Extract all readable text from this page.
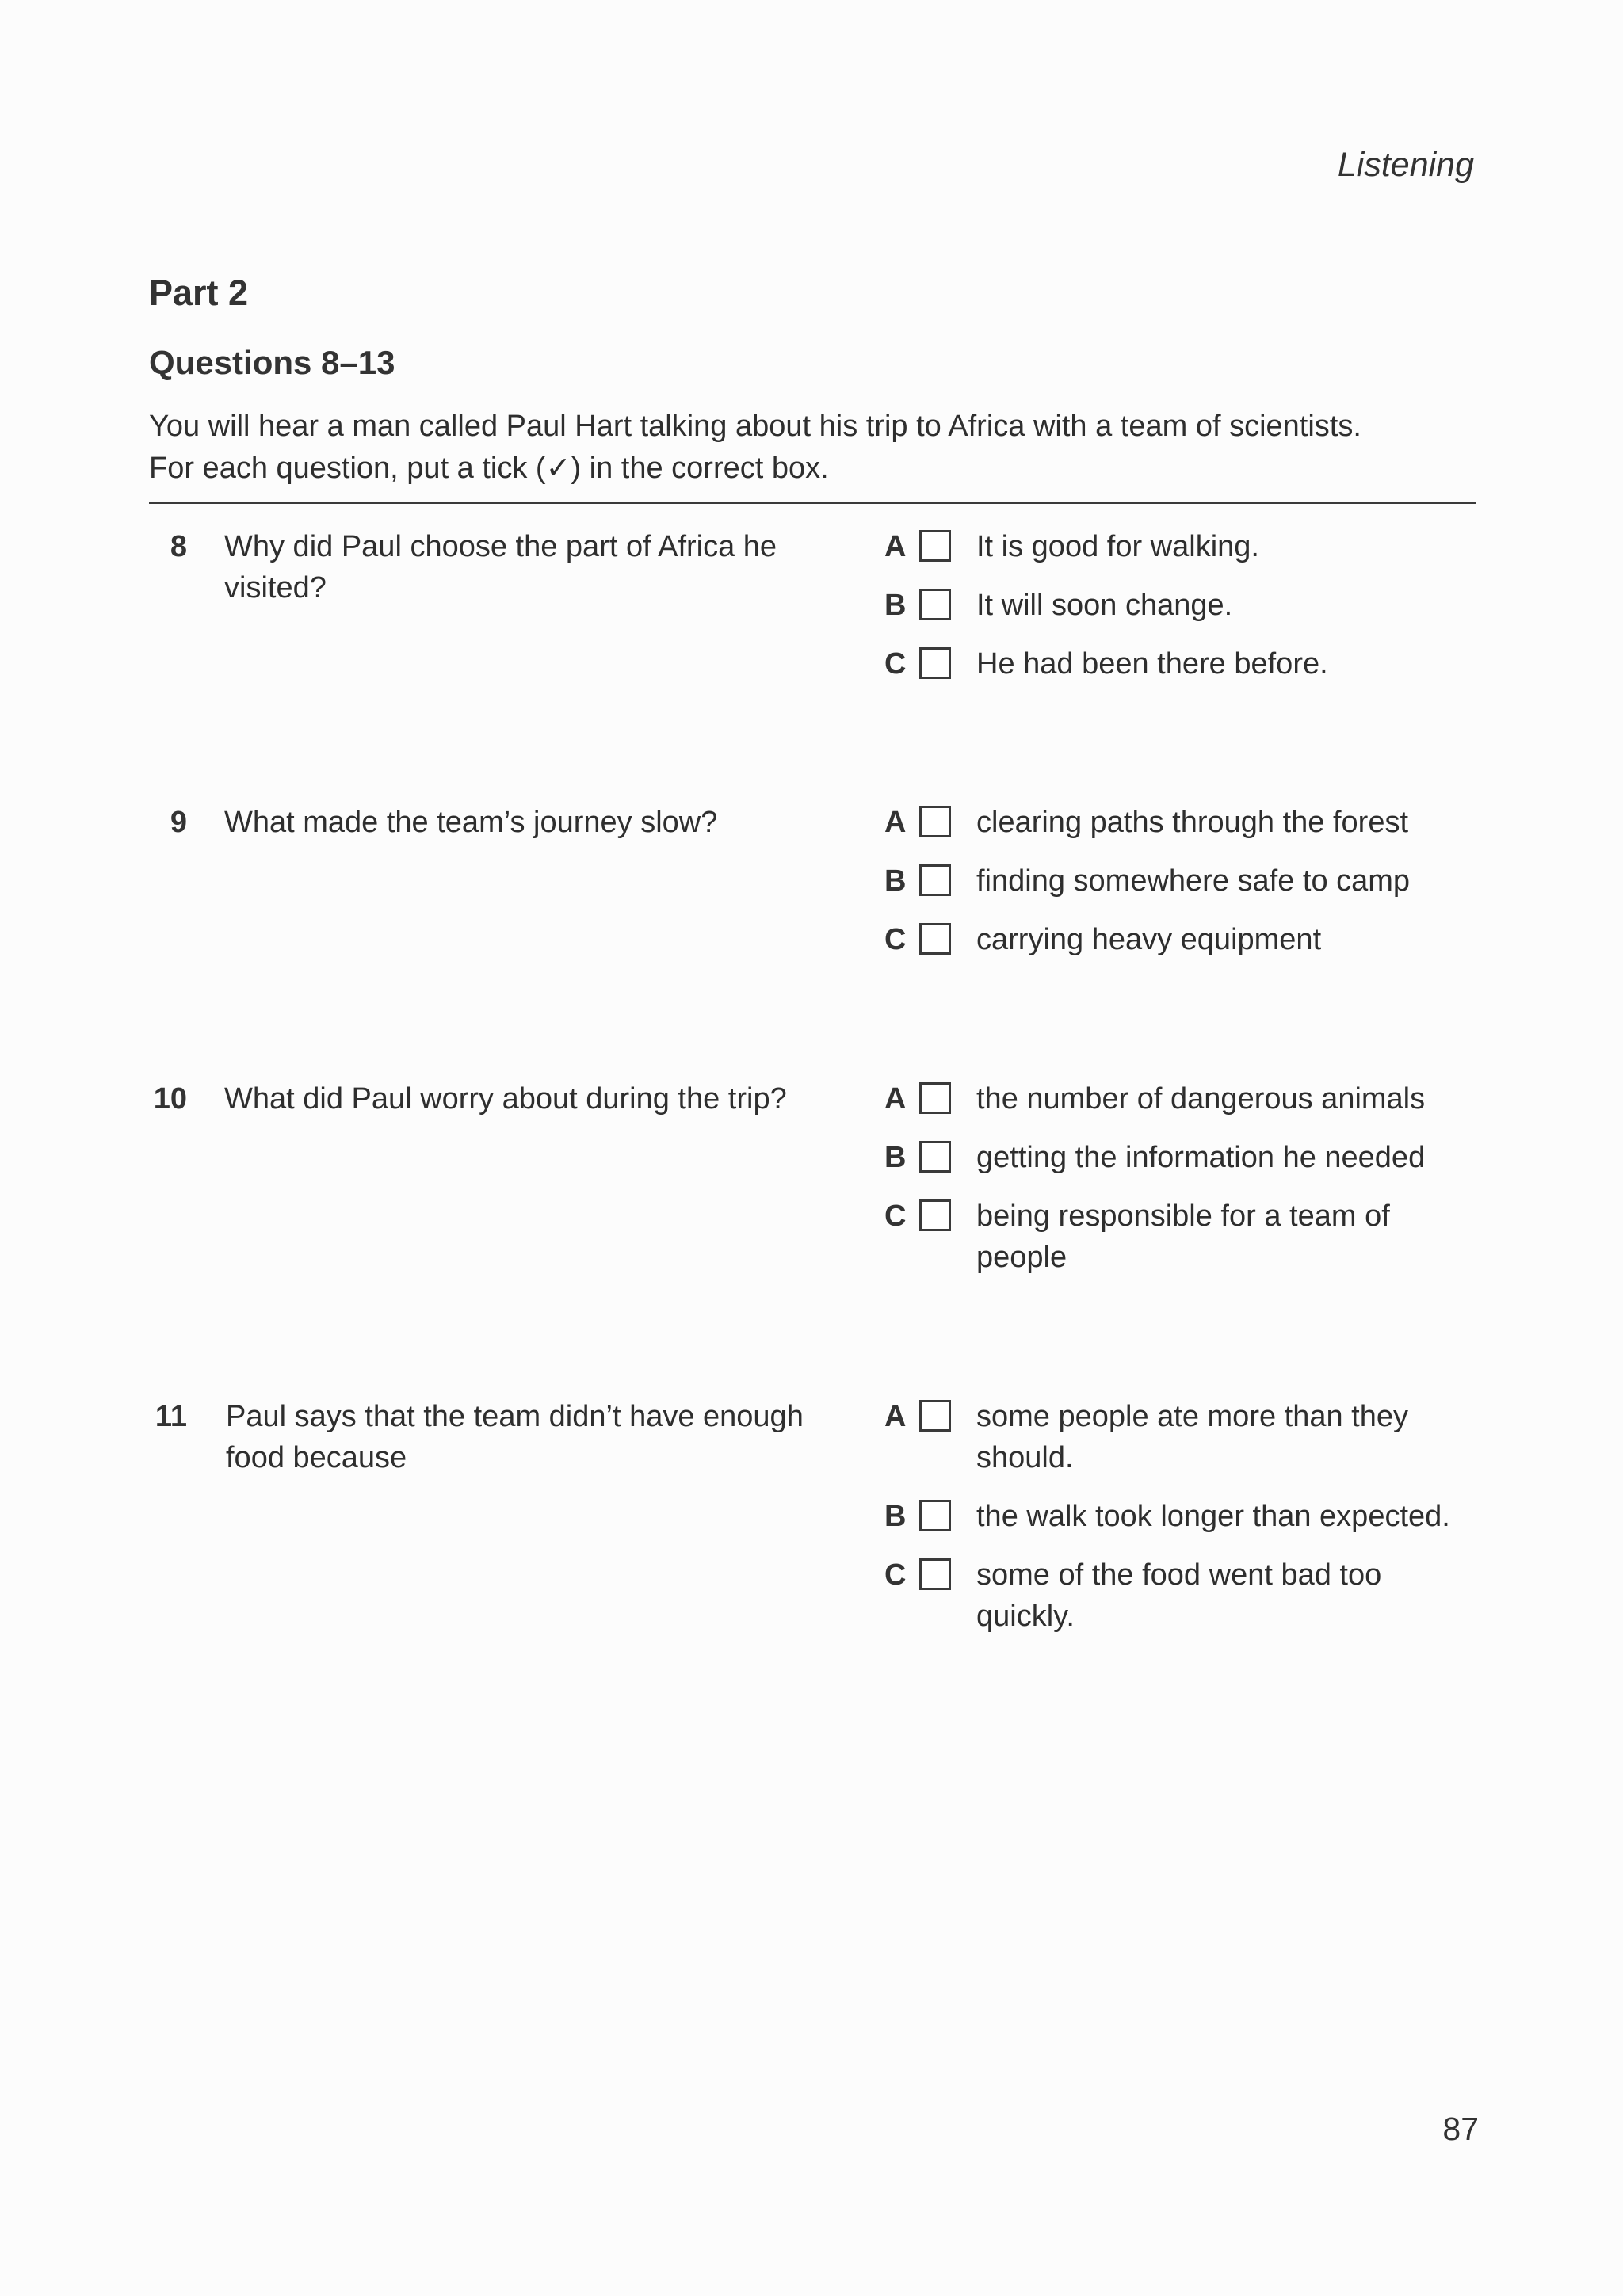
Listening
Part 2
Questions 8–13
You will hear a man called Paul Hart talking about his trip to Africa with a team of scientists.
For each question, put a tick (✓) in the correct box.
8 Why did Paul choose the part of Africa he visited?
A	It is good for walking.
B	It will soon change.
C	He had been there before.
9 What made the team’s journey slow?	A	clearing paths through the forest
B	finding somewhere safe to camp
C	carrying heavy equipment
10 What did Paul worry about during the trip?	A	the number of dangerous animals
B	getting the information he needed
C	being responsible for a team of people
11 Paul says that the team didn’t have enough food because
A	some people ate more than they should.
B	the walk took longer than expected.
C	some of the food went bad too quickly.
87
